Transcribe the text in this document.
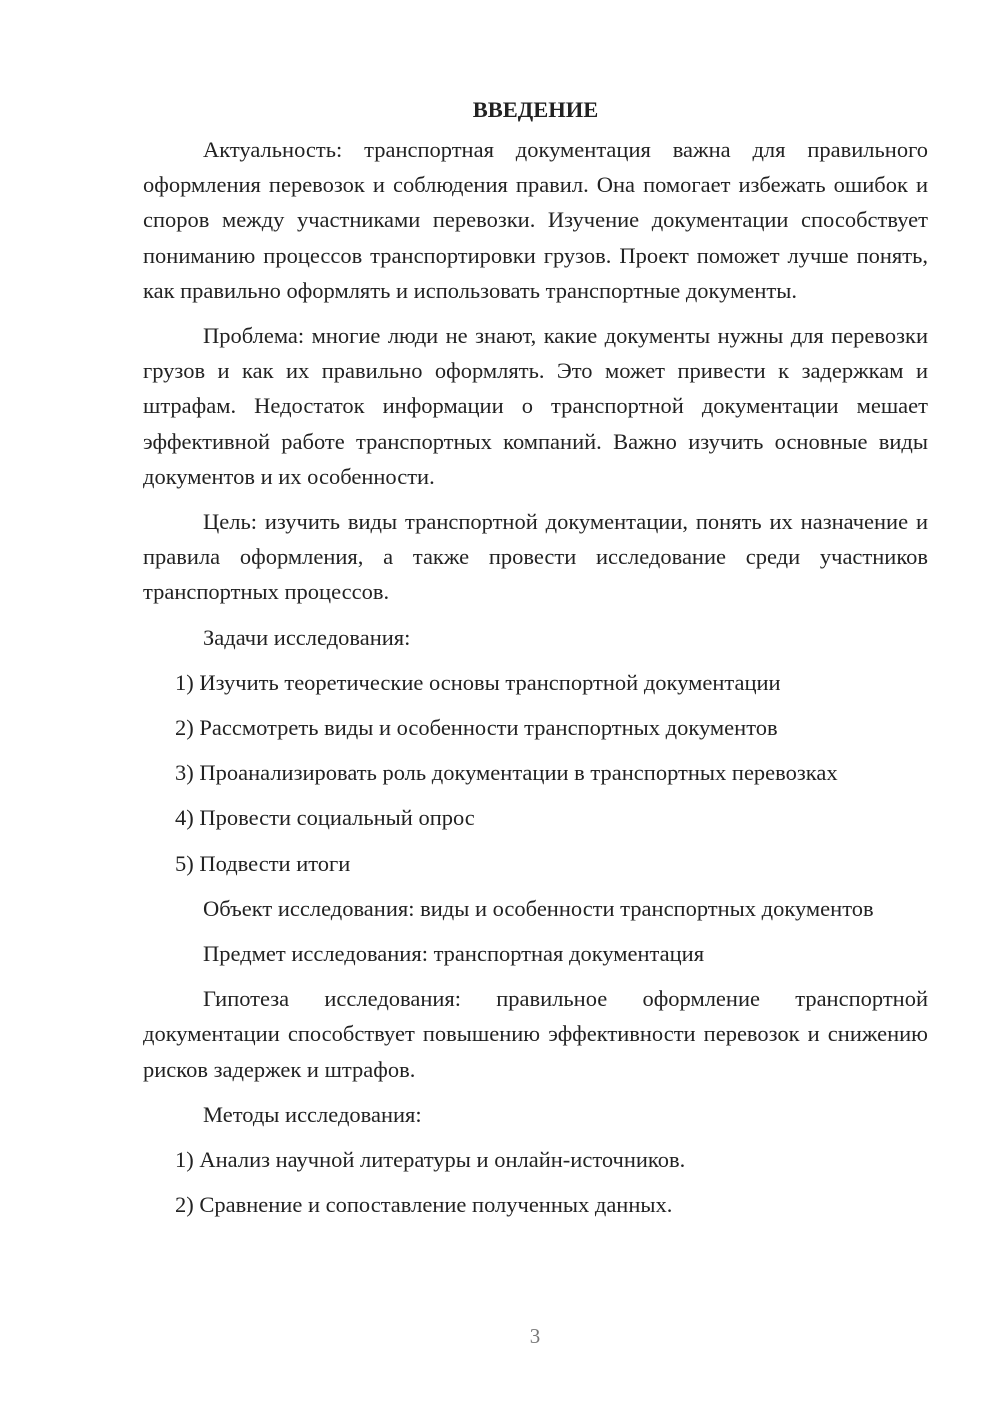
ВВЕДЕНИЕ

Актуальность: транспортная документация важна для правильного оформления перевозок и соблюдения правил. Она помогает избежать ошибок и споров между участниками перевозки. Изучение документации способствует пониманию процессов транспортировки грузов. Проект поможет лучше понять, как правильно оформлять и использовать транспортные документы.

Проблема: многие люди не знают, какие документы нужны для перевозки грузов и как их правильно оформлять. Это может привести к задержкам и штрафам. Недостаток информации о транспортной документации мешает эффективной работе транспортных компаний. Важно изучить основные виды документов и их особенности.

Цель: изучить виды транспортной документации, понять их назначение и правила оформления, а также провести исследование среди участников транспортных процессов.

Задачи исследования:

1) Изучить теоретические основы транспортной документации

2) Рассмотреть виды и особенности транспортных документов

3) Проанализировать роль документации в транспортных перевозках

4) Провести социальный опрос

5) Подвести итоги

Объект исследования: виды и особенности транспортных документов

Предмет исследования: транспортная документация

Гипотеза исследования: правильное оформление транспортной документации способствует повышению эффективности перевозок и снижению рисков задержек и штрафов.

Методы исследования:

1) Анализ научной литературы и онлайн-источников.

2) Сравнение и сопоставление полученных данных.

3
